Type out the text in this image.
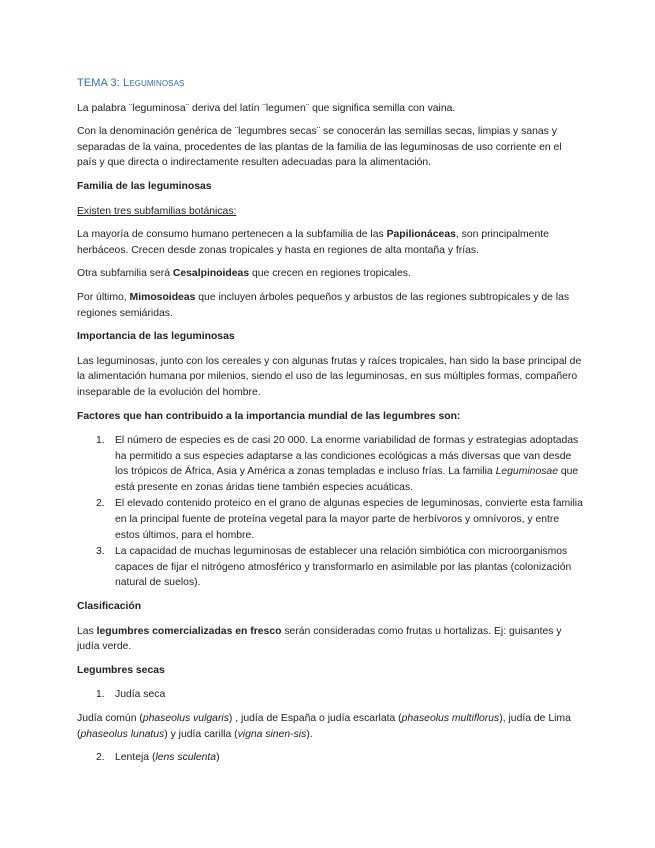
TEMA 3: Leguminosas

La palabra ¨leguminosa¨ deriva del latín ¨legumen¨ que significa semilla con vaina.

Con la denominación genérica de ¨legumbres secas¨ se conocerán las semillas secas, limpias y sanas y separadas de la vaina, procedentes de las plantas de la familia de las leguminosas de uso corriente en el país y que directa o indirectamente resulten adecuadas para la alimentación.

Familia de las leguminosas

Existen tres subfamilias botánicas:

La mayoría de consumo humano pertenecen a la subfamilia de las Papilionáceas, son principalmente herbáceos. Crecen desde zonas tropicales y hasta en regiones de alta montaña y frías.

Otra subfamilia será Cesalpinoideas que crecen en regiones tropicales.

Por último, Mimosoideas que incluyen árboles pequeños y arbustos de las regiones subtropicales y de las regiones semiáridas.

Importancia de las leguminosas

Las leguminosas, junto con los cereales y con algunas frutas y raíces tropicales, han sido la base principal de la alimentación humana por milenios, siendo el uso de las leguminosas, en sus múltiples formas, compañero inseparable de la evolución del hombre.

Factores que han contribuido a la importancia mundial de las legumbres son:

1. El número de especies es de casi 20 000. La enorme variabilidad de formas y estrategias adoptadas ha permitido a sus especies adaptarse a las condiciones ecológicas a más diversas que van desde los trópicos de África, Asia y América a zonas templadas e incluso frías. La familia Leguminosae que está presente en zonas áridas tiene también especies acuáticas.
2. El elevado contenido proteico en el grano de algunas especies de leguminosas, convierte esta familia en la principal fuente de proteína vegetal para la mayor parte de herbívoros y omnívoros, y entre estos últimos, para el hombre.
3. La capacidad de muchas leguminosas de establecer una relación simbiótica con microorganismos capaces de fijar el nitrógeno atmosférico y transformarlo en asimilable por las plantas (colonización natural de suelos).

Clasificación

Las legumbres comercializadas en fresco serán consideradas como frutas u hortalizas. Ej: guisantes y judía verde.

Legumbres secas

1. Judía seca

Judía común (phaseolus vulgaris) , judía de España o judía escarlata (phaseolus multiflorus), judía de Lima (phaseolus lunatus) y judía carilla (vigna sinen-sis).

2. Lenteja (lens sculenta)
